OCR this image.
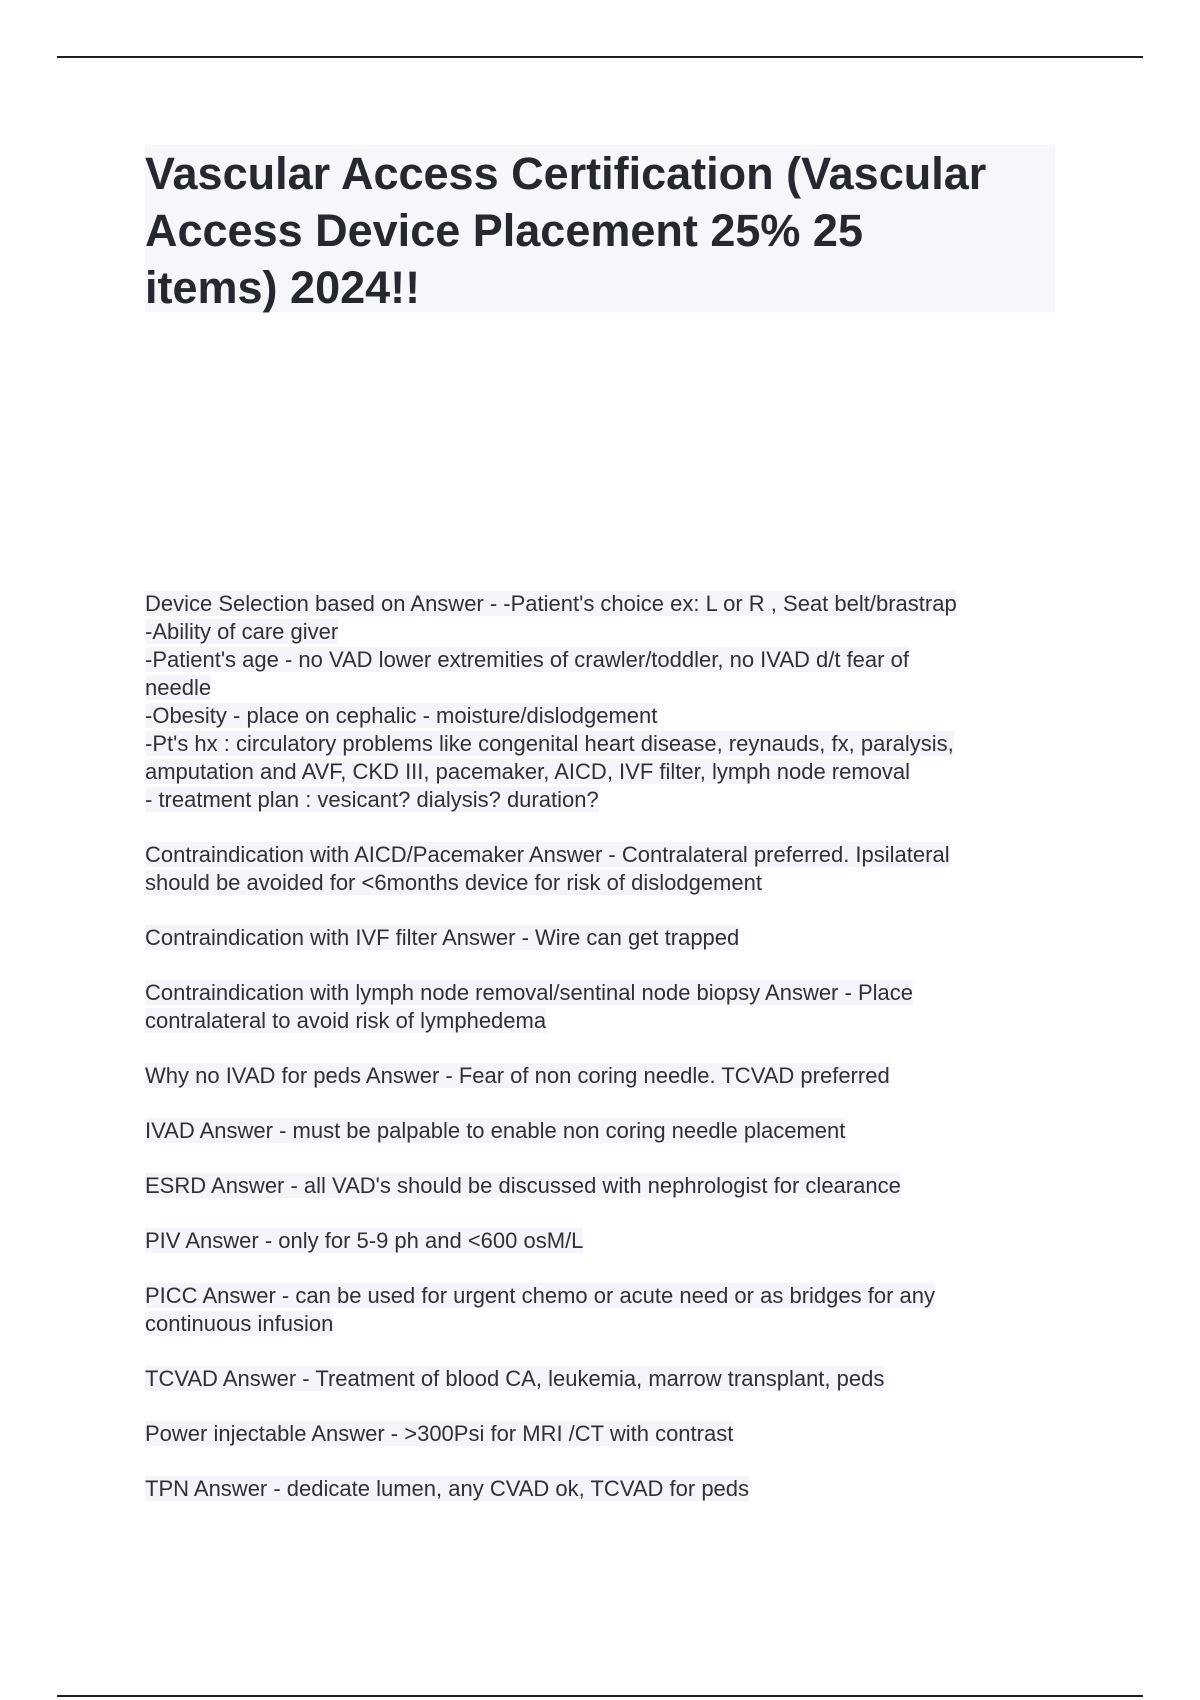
Vascular Access Certification (Vascular
Access Device Placement 25% 25
items) 2024!!

Device Selection based on Answer - -Patient's choice ex: L or R , Seat belt/brastrap
-Ability of care giver
-Patient's age - no VAD lower extremities of crawler/toddler, no IVAD d/t fear of
needle
-Obesity - place on cephalic - moisture/dislodgement
-Pt's hx : circulatory problems like congenital heart disease, reynauds, fx, paralysis,
amputation and AVF, CKD III, pacemaker, AICD, IVF filter, lymph node removal
- treatment plan : vesicant? dialysis? duration?

Contraindication with AICD/Pacemaker Answer - Contralateral preferred. Ipsilateral
should be avoided for <6months device for risk of dislodgement

Contraindication with IVF filter Answer - Wire can get trapped

Contraindication with lymph node removal/sentinal node biopsy Answer - Place
contralateral to avoid risk of lymphedema

Why no IVAD for peds Answer - Fear of non coring needle. TCVAD preferred

IVAD Answer - must be palpable to enable non coring needle placement

ESRD Answer - all VAD's should be discussed with nephrologist for clearance

PIV Answer - only for 5-9 ph and <600 osM/L

PICC Answer - can be used for urgent chemo or acute need or as bridges for any
continuous infusion

TCVAD Answer - Treatment of blood CA, leukemia, marrow transplant, peds

Power injectable Answer - >300Psi for MRI /CT with contrast

TPN Answer - dedicate lumen, any CVAD ok, TCVAD for peds
